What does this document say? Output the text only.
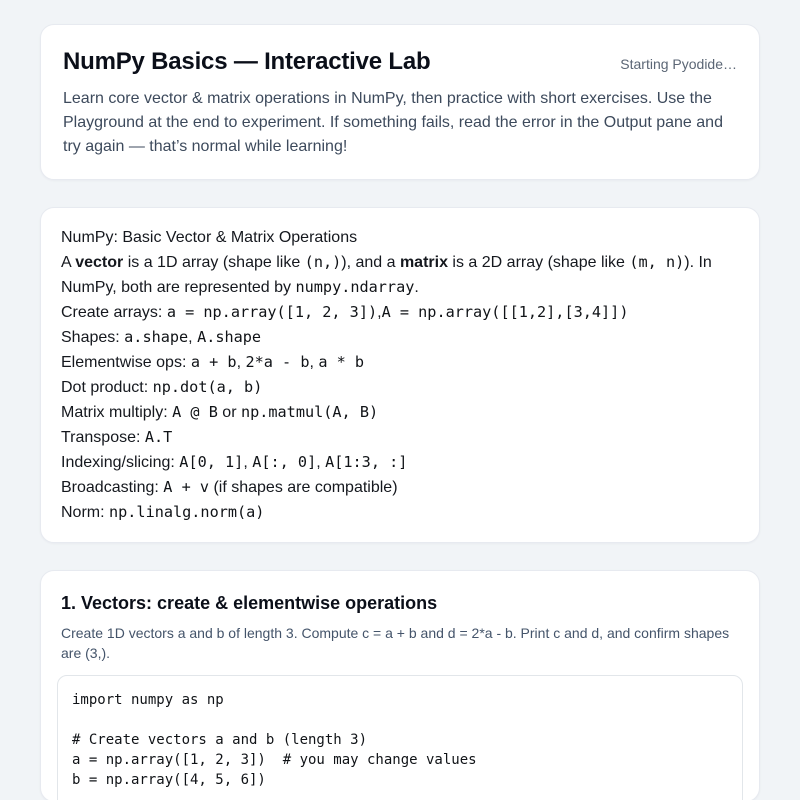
NumPy Basics — Interactive Lab	Starting Pyodide…

Learn core vector & matrix operations in NumPy, then practice with short exercises. Use the Playground at the end to experiment. If something fails, read the error in the Output pane and try again — that’s normal while learning!

NumPy: Basic Vector & Matrix Operations
A vector is a 1D array (shape like (n,)), and a matrix is a 2D array (shape like (m, n)). In NumPy, both are represented by numpy.ndarray.
Create arrays: a = np.array([1, 2, 3]),A = np.array([[1,2],[3,4]])
Shapes: a.shape, A.shape
Elementwise ops: a + b, 2*a - b, a * b
Dot product: np.dot(a, b)
Matrix multiply: A @ B or np.matmul(A, B)
Transpose: A.T
Indexing/slicing: A[0, 1], A[:, 0], A[1:3, :]
Broadcasting: A + v (if shapes are compatible)
Norm: np.linalg.norm(a)
1. Vectors: create & elementwise operations

Create 1D vectors a and b of length 3. Compute c = a + b and d = 2*a - b. Print c and d, and confirm shapes are (3,).

import numpy as np # Create vectors a and b (length 3) a = np.array([1, 2, 3]) # you may change values b = np.array([4, 5, 6])
